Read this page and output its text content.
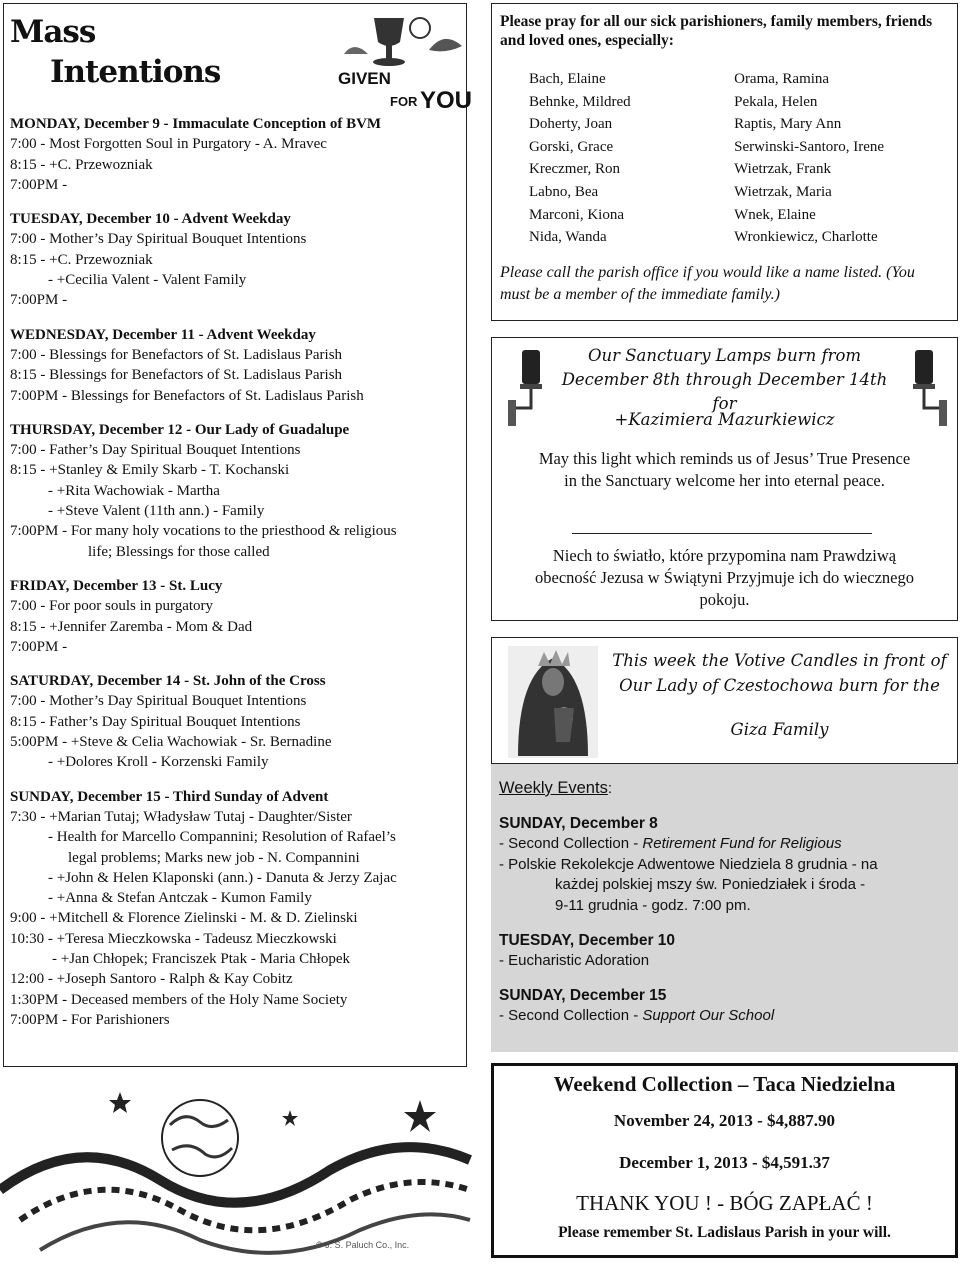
Mass
Intentions	GIVEN
FOR YOU
MONDAY, December 9 - Immaculate Conception of BVM
7:00 - Most Forgotten Soul in Purgatory - A. Mravec
8:15 - +C. Przewozniak
7:00PM -
TUESDAY, December 10 - Advent Weekday
7:00 - Mother’s Day Spiritual Bouquet Intentions
8:15 - +C. Przewozniak
- +Cecilia Valent - Valent Family
7:00PM -
WEDNESDAY, December 11 - Advent Weekday
7:00 - Blessings for Benefactors of St. Ladislaus Parish
8:15 - Blessings for Benefactors of St. Ladislaus Parish
7:00PM - Blessings for Benefactors of St. Ladislaus Parish
THURSDAY, December 12 - Our Lady of Guadalupe
7:00 - Father’s Day Spiritual Bouquet Intentions
8:15 - +Stanley & Emily Skarb - T. Kochanski
- +Rita Wachowiak - Martha
- +Steve Valent (11th ann.) - Family
7:00PM - For many holy vocations to the priesthood & religious
life; Blessings for those called
FRIDAY, December 13 - St. Lucy
7:00 - For poor souls in purgatory
8:15 - +Jennifer Zaremba - Mom & Dad
7:00PM -
SATURDAY, December 14 - St. John of the Cross
7:00 - Mother’s Day Spiritual Bouquet Intentions
8:15 - Father’s Day Spiritual Bouquet Intentions
5:00PM - +Steve & Celia Wachowiak - Sr. Bernadine
- +Dolores Kroll - Korzenski Family
SUNDAY, December 15 - Third Sunday of Advent
7:30 - +Marian Tutaj; Władysław Tutaj - Daughter/Sister
- Health for Marcello Compannini; Resolution of Rafael’s
legal problems; Marks new job - N. Compannini
- +John & Helen Klaponski (ann.) - Danuta & Jerzy Zajac
- +Anna & Stefan Antczak - Kumon Family
9:00 - +Mitchell & Florence Zielinski - M. & D. Zielinski
10:30 - +Teresa Mieczkowska - Tadeusz Mieczkowski
- +Jan Chłopek; Franciszek Ptak - Maria Chłopek
12:00 - +Joseph Santoro - Ralph & Kay Cobitz
1:30PM - Deceased members of the Holy Name Society
7:00PM - For Parishioners
Please pray for all our sick parishioners, family members, friends and loved ones, especially:
Bach, Elaine
Behnke, Mildred
Doherty, Joan
Gorski, Grace
Kreczmer, Ron
Labno, Bea
Marconi, Kiona
Nida, Wanda
Orama, Ramina
Pekala, Helen
Raptis, Mary Ann
Serwinski-Santoro, Irene
Wietrzak, Frank
Wietrzak, Maria
Wnek, Elaine
Wronkiewicz, Charlotte
Please call the parish office if you would like a name listed. (You must be a member of the immediate family.)
Our Sanctuary Lamps burn from December 8th through December 14th for
+Kazimiera Mazurkiewicz
May this light which reminds us of Jesus’ True Presence in the Sanctuary welcome her into eternal peace.
Niech to światło, które przypomina nam Prawdziwą obecność Jezusa w Świątyni Przyjmuje ich do wiecznego pokoju.
This week the Votive Candles in front of Our Lady of Czestochowa burn for the
Giza Family
Weekly Events:
SUNDAY, December 8
- Second Collection - Retirement Fund for Religious
- Polskie Rekolekcje Adwentowe Niedziela 8 grudnia - na
każdej polskiej mszy św. Poniedziałek i środa -
9-11 grudnia - godz. 7:00 pm.
TUESDAY, December 10
- Eucharistic Adoration
SUNDAY, December 15
- Second Collection - Support Our School
Weekend Collection – Taca Niedzielna
November 24, 2013 - $4,887.90
December 1, 2013 - $4,591.37
THANK YOU ! - BÓG ZAPŁAĆ !
Please remember St. Ladislaus Parish in your will.
© J. S. Paluch Co., Inc.
